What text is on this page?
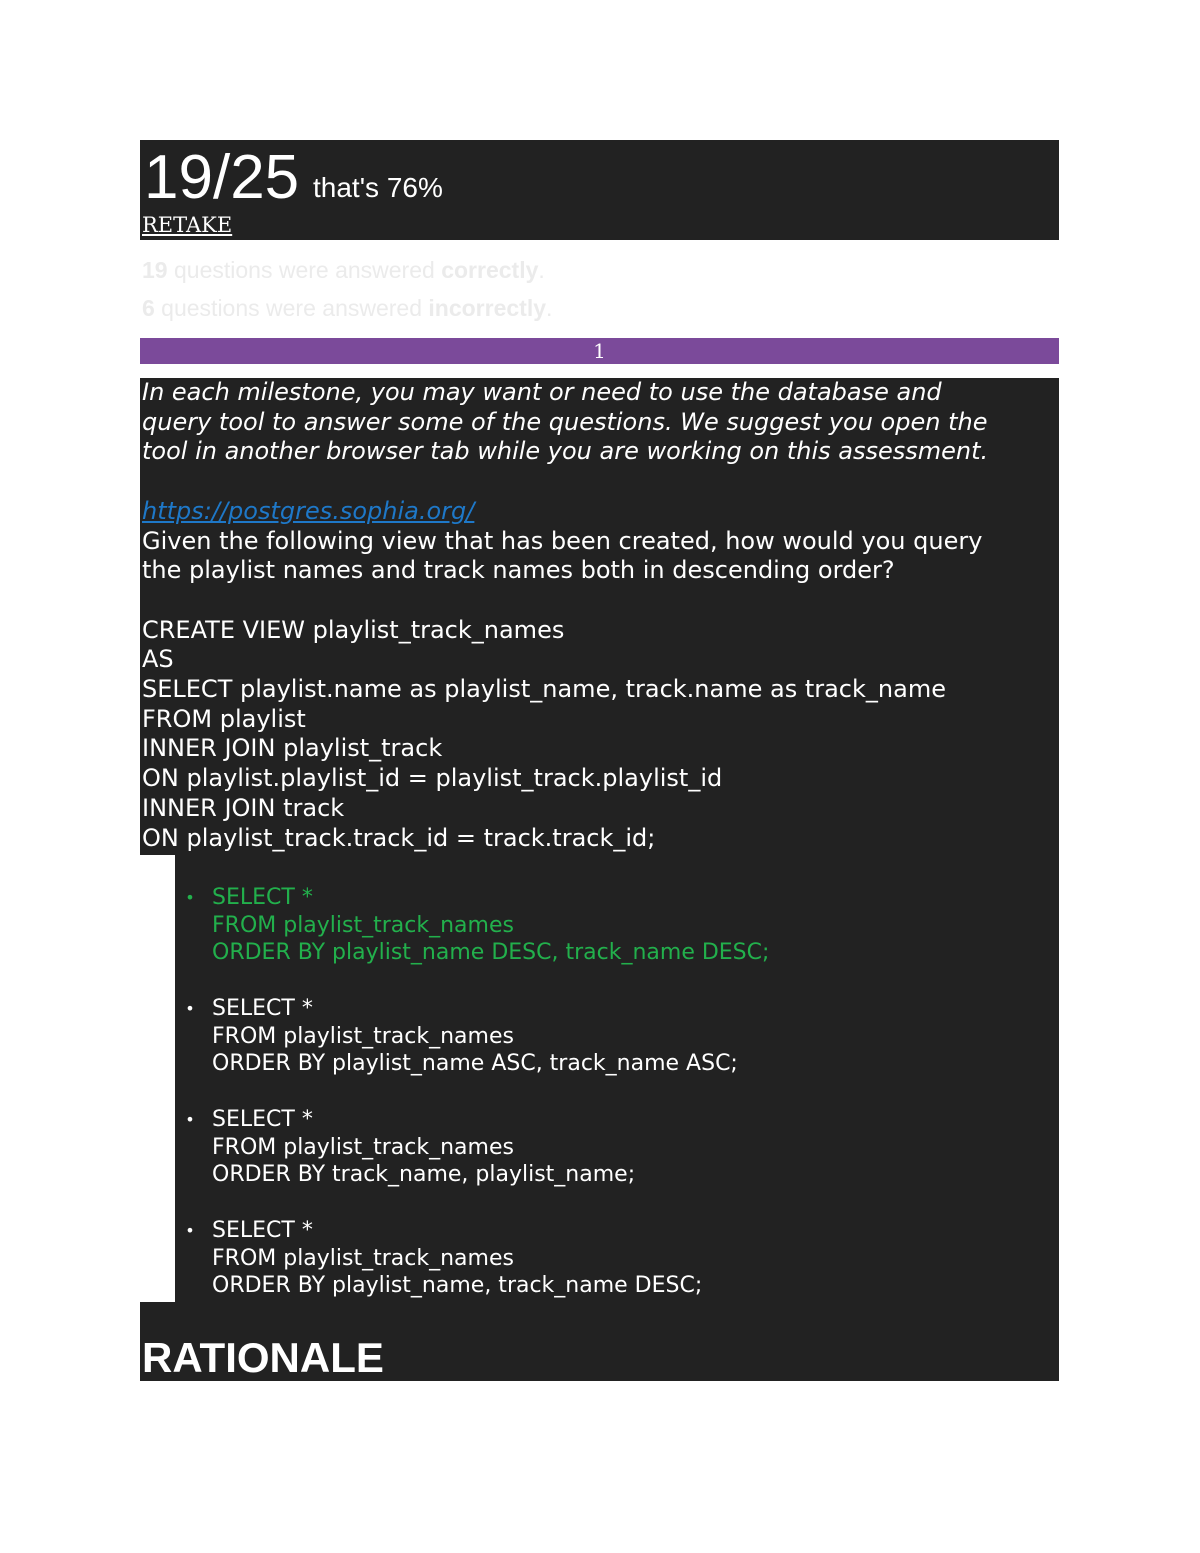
19/25 that's 76%
RETAKE
19 questions were answered correctly.
6 questions were answered incorrectly.
1
In each milestone, you may want or need to use the database and
query tool to answer some of the questions. We suggest you open the
tool in another browser tab while you are working on this assessment.

https://postgres.sophia.org/
Given the following view that has been created, how would you query
the playlist names and track names both in descending order?

CREATE VIEW playlist_track_names
AS
SELECT playlist.name as playlist_name, track.name as track_name
FROM playlist
INNER JOIN playlist_track
ON playlist.playlist_id = playlist_track.playlist_id
INNER JOIN track
ON playlist_track.track_id = track.track_id;
• SELECT *
FROM playlist_track_names
ORDER BY playlist_name DESC, track_name DESC;
• SELECT *
FROM playlist_track_names
ORDER BY playlist_name ASC, track_name ASC;
• SELECT *
FROM playlist_track_names
ORDER BY track_name, playlist_name;
• SELECT *
FROM playlist_track_names
ORDER BY playlist_name, track_name DESC;
RATIONALE
